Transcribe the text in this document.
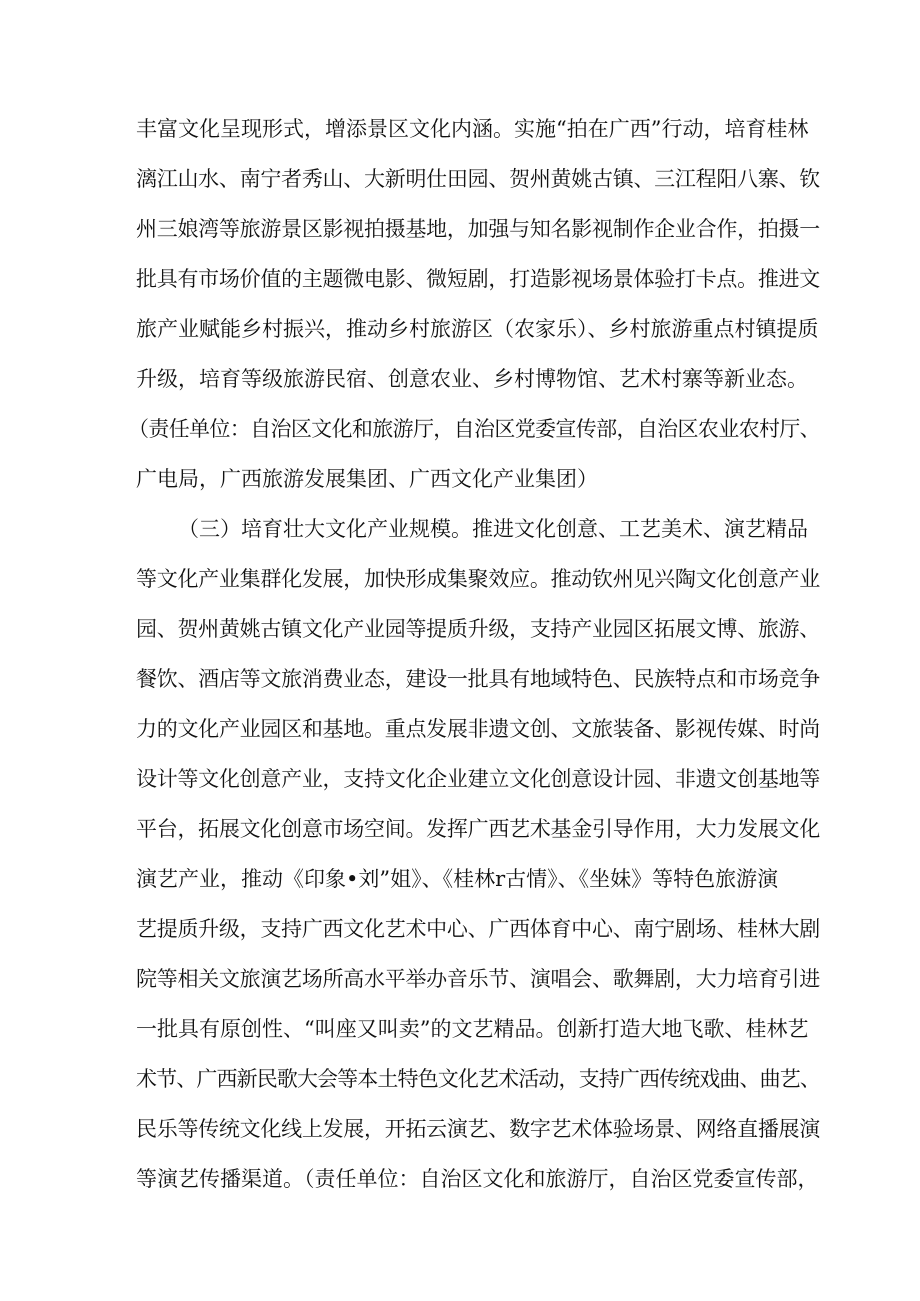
丰富文化呈现形式，增添景区文化内涵。实施“拍在广西”行动，培育桂林
漓江山水、南宁者秀山、大新明仕田园、贺州黄姚古镇、三江程阳八寨、钦
州三娘湾等旅游景区影视拍摄基地，加强与知名影视制作企业合作，拍摄一
批具有市场价值的主题微电影、微短剧，打造影视场景体验打卡点。推进文
旅产业赋能乡村振兴，推动乡村旅游区（农家乐）、乡村旅游重点村镇提质
升级，培育等级旅游民宿、创意农业、乡村博物馆、艺术村寨等新业态。
（责任单位：自治区文化和旅游厅，自治区党委宣传部，自治区农业农村厅、
广电局，广西旅游发展集团、广西文化产业集团）
（三）培育壮大文化产业规模。推进文化创意、工艺美术、演艺精品
等文化产业集群化发展，加快形成集聚效应。推动钦州见兴陶文化创意产业
园、贺州黄姚古镇文化产业园等提质升级，支持产业园区拓展文博、旅游、
餐饮、酒店等文旅消费业态，建设一批具有地域特色、民族特点和市场竞争
力的文化产业园区和基地。重点发展非遗文创、文旅装备、影视传媒、时尚
设计等文化创意产业，支持文化企业建立文化创意设计园、非遗文创基地等
平台，拓展文化创意市场空间。发挥广西艺术基金引导作用，大力发展文化
演艺产业，推动《印象•刘”姐》、《桂林r古情》、《坐妹》等特色旅游演
艺提质升级，支持广西文化艺术中心、广西体育中心、南宁剧场、桂林大剧
院等相关文旅演艺场所高水平举办音乐节、演唱会、歌舞剧，大力培育引进
一批具有原创性、“叫座又叫卖”的文艺精品。创新打造大地飞歌、桂林艺
术节、广西新民歌大会等本土特色文化艺术活动，支持广西传统戏曲、曲艺、
民乐等传统文化线上发展，开拓云演艺、数字艺术体验场景、网络直播展演
等演艺传播渠道。（责任单位：自治区文化和旅游厅，自治区党委宣传部，
